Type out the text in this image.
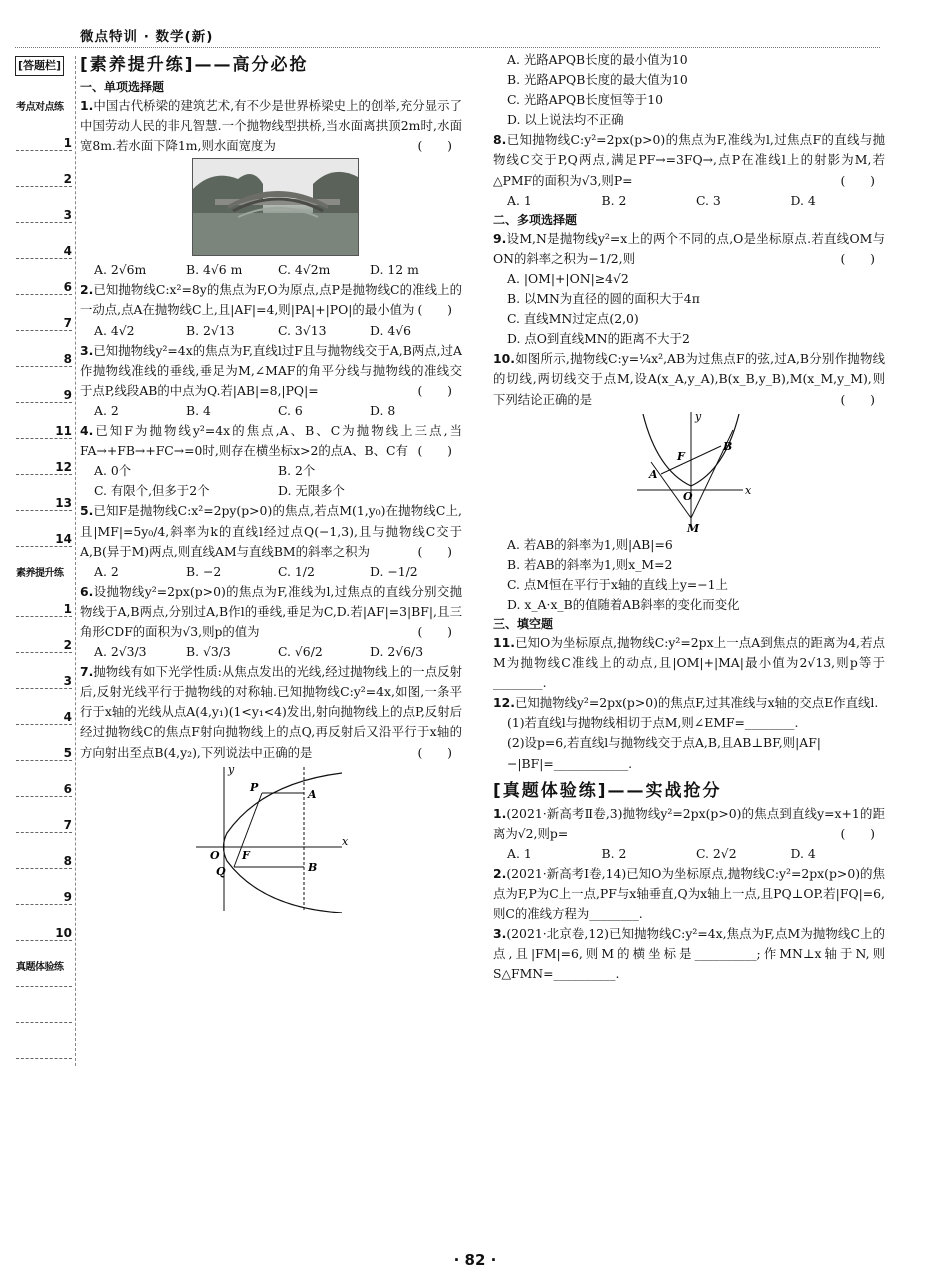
微点特训 · 数学(新)
[答题栏]
考点对点练
1
2
3
4
6
7
8
9
11
12
13
14
素养提升练
1
2
3
4
5
6
7
8
9
10
真题体验练
[素养提升练]——高分必抢
一、单项选择题
1.中国古代桥梁的建筑艺术,有不少是世界桥梁史上的创举,充分显示了中国劳动人民的非凡智慧.一个抛物线型拱桥,当水面离拱顶2m时,水面宽8m.若水面下降1m,则水面宽度为	(　　)
A. 2√6m	B. 4√6 m	C. 4√2m	D. 12 m
2.已知抛物线C:x²=8y的焦点为F,O为原点,点P是抛物线C的准线上的一动点,点A在抛物线C上,且|AF|=4,则|PA|+|PO|的最小值为 (　　)
A. 4√2	B. 2√13	C. 3√13	D. 4√6
3.已知抛物线y²=4x的焦点为F,直线l过F且与抛物线交于A,B两点,过A作抛物线准线的垂线,垂足为M,∠MAF的角平分线与抛物线的准线交于点P,线段AB的中点为Q.若|AB|=8,|PQ|=	(　　)
A. 2	B. 4	C. 6	D. 8
4.已知F为抛物线y²=4x的焦点,A、B、C为抛物线上三点,当FA→+FB→+FC→=0时,则存在横坐标x>2的点A、B、C有 (　　)
A. 0个	B. 2个
C. 有限个,但多于2个	D. 无限多个
5.已知F是抛物线C:x²=2py(p>0)的焦点,若点M(1,y₀)在抛物线C上,且|MF|=5y₀/4,斜率为k的直线l经过点Q(−1,3),且与抛物线C交于A,B(异于M)两点,则直线AM与直线BM的斜率之积为	(　　)
A. 2	B. −2	C. 1/2	D. −1/2
6.设抛物线y²=2px(p>0)的焦点为F,准线为l,过焦点的直线分别交抛物线于A,B两点,分别过A,B作l的垂线,垂足为C,D.若|AF|=3|BF|,且三角形CDF的面积为√3,则p的值为	(　　)
A. 2√3/3	B. √3/3	C. √6/2	D. 2√6/3
7.抛物线有如下光学性质:从焦点发出的光线,经过抛物线上的一点反射后,反射光线平行于抛物线的对称轴.已知抛物线C:y²=4x,如图,一条平行于x轴的光线从点A(4,y₁)(1<y₁<4)发出,射向抛物线上的点P,反射后经过抛物线C的焦点F射向抛物线上的点Q,再反射后又沿平行于x轴的方向射出至点B(4,y₂),下列说法中正确的是	(　　)
y
P
A
O F
x
Q	B
A. 光路APQB长度的最小值为10
B. 光路APQB长度的最大值为10
C. 光路APQB长度恒等于10
D. 以上说法均不正确
8.已知抛物线C:y²=2px(p>0)的焦点为F,准线为l,过焦点F的直线与抛物线C交于P,Q两点,满足PF→=3FQ→,点P在准线l上的射影为M,若△PMF的面积为√3,则P=	(　　)
A. 1	B. 2	C. 3	D. 4
二、多项选择题
9.设M,N是抛物线y²=x上的两个不同的点,O是坐标原点.若直线OM与ON的斜率之积为−1/2,则	(　　)
A. |OM|+|ON|≥4√2
B. 以MN为直径的圆的面积大于4π
C. 直线MN过定点(2,0)
D. 点O到直线MN的距离不大于2
10.如图所示,抛物线C:y=¼x²,AB为过焦点F的弦,过A,B分别作抛物线的切线,两切线交于点M,设A(x_A,y_A),B(x_B,y_B),M(x_M,y_M),则下列结论正确的是	(　　)
y
B
F
A
O	x
M
A. 若AB的斜率为1,则|AB|=6
B. 若AB的斜率为1,则x_M=2
C. 点M恒在平行于x轴的直线上y=−1上
D. x_A·x_B的值随着AB斜率的变化而变化
三、填空题
11.已知O为坐标原点,抛物线C:y²=2px上一点A到焦点的距离为4,若点M为抛物线C准线上的动点,且|OM|+|MA|最小值为2√13,则p等于________.
12.已知抛物线y²=2px(p>0)的焦点F,过其准线与x轴的交点E作直线l.
(1)若直线l与抛物线相切于点M,则∠EMF=________.
(2)设p=6,若直线l与抛物线交于点A,B,且AB⊥BF,则|AF|−|BF|=____________.
[真题体验练]——实战抢分
1.(2021·新高考Ⅱ卷,3)抛物线y²=2px(p>0)的焦点到直线y=x+1的距离为√2,则p=	(　　)
A. 1	B. 2	C. 2√2	D. 4
2.(2021·新高考Ⅰ卷,14)已知O为坐标原点,抛物线C:y²=2px(p>0)的焦点为F,P为C上一点,PF与x轴垂直,Q为x轴上一点,且PQ⊥OP.若|FQ|=6,则C的准线方程为________.
3.(2021·北京卷,12)已知抛物线C:y²=4x,焦点为F,点M为抛物线C上的点,且|FM|=6,则M的横坐标是__________;作MN⊥x轴于N,则S△FMN=__________.
· 82 ·
